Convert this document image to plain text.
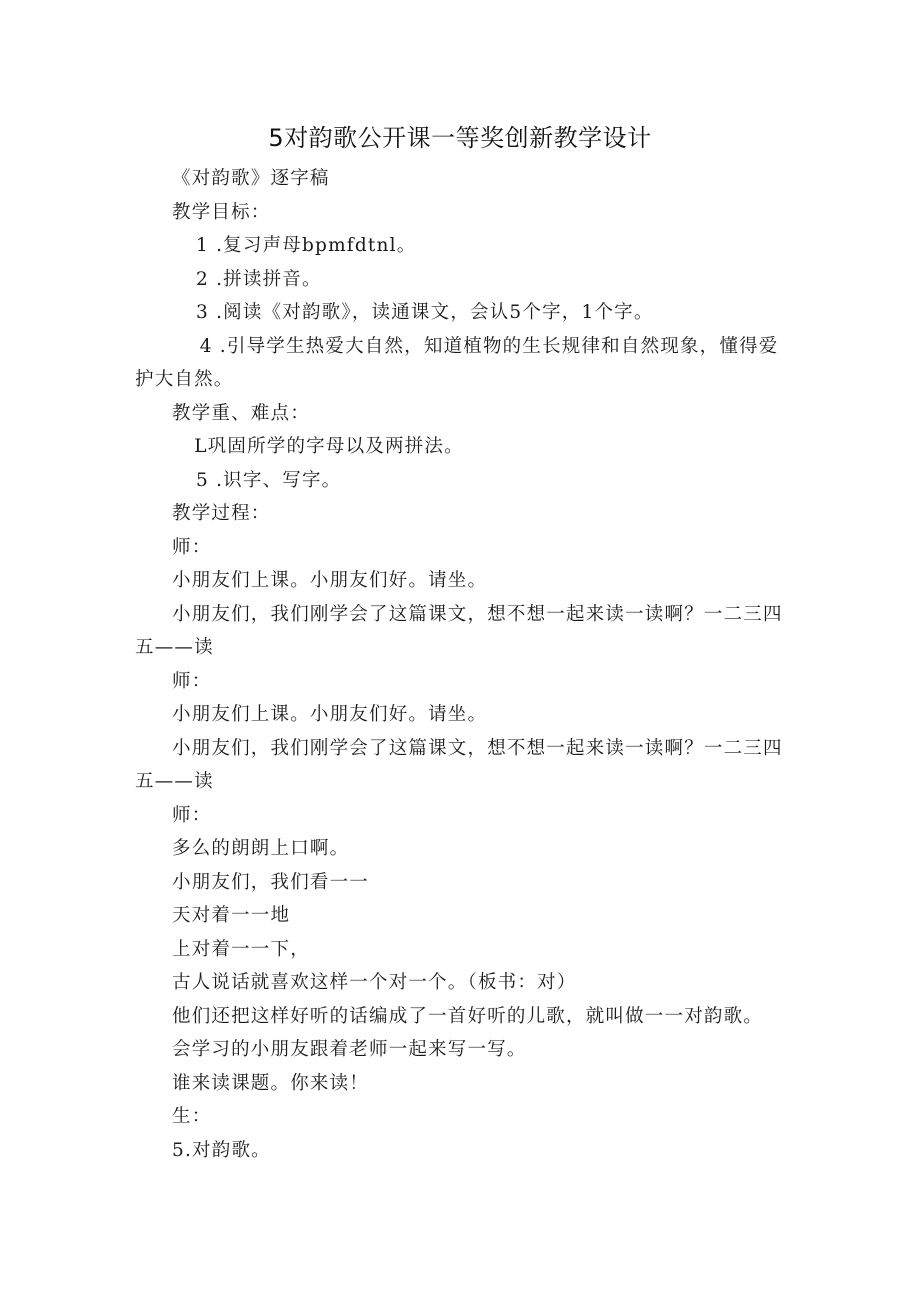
5对韵歌公开课一等奖创新教学设计

《对韵歌》逐字稿

教学目标：

1 .复习声母bpmfdtnl。

2 .拼读拼音。

3 .阅读《对韵歌》，读通课文，会认5个字，1个字。

4 .引导学生热爱大自然，知道植物的生长规律和自然现象，懂得爱护大自然。

教学重、难点：

L巩固所学的字母以及两拼法。

5 .识字、写字。

教学过程：

师：

小朋友们上课。小朋友们好。请坐。

小朋友们，我们刚学会了这篇课文，想不想一起来读一读啊？一二三四五——读

师：

小朋友们上课。小朋友们好。请坐。

小朋友们，我们刚学会了这篇课文，想不想一起来读一读啊？一二三四五——读

师：

多么的朗朗上口啊。

小朋友们，我们看一一

天对着一一地

上对着一一下，

古人说话就喜欢这样一个对一个。（板书：对）

他们还把这样好听的话编成了一首好听的儿歌，就叫做一一对韵歌。

会学习的小朋友跟着老师一起来写一写。

谁来读课题。你来读！

生：

5.对韵歌。
